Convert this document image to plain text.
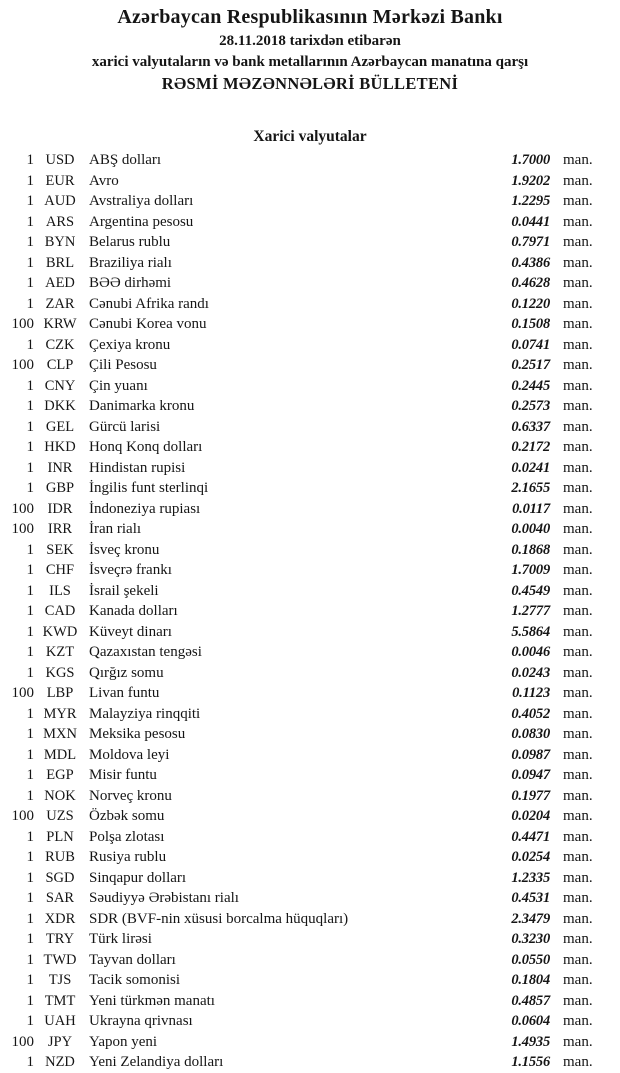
Azərbaycan Respublikasının Mərkəzi Bankı
28.11.2018 tarixdən etibarən
xarici valyutaların və bank metallarının Azərbaycan manatına qarşı
RƏSMİ MƏZƏNNƏLƏRİ BÜLLETENİ
Xarici valyutalar
1 USD ABŞ dolları	1.7000 man.
1 EUR Avro	1.9202 man.
1 AUD Avstraliya dolları	1.2295 man.
1 ARS Argentina pesosu	0.0441 man.
1 BYN Belarus rublu	0.7971 man.
1 BRL Braziliya rialı	0.4386 man.
1 AED BƏƏ dirhəmi	0.4628 man.
1 ZAR Cənubi Afrika randı	0.1220 man.
100 KRW Cənubi Korea vonu	0.1508 man.
1 CZK Çexiya kronu	0.0741 man.
100 CLP	Çili Pesosu	0.2517 man.
1 CNY Çin yuanı	0.2445 man.
1 DKK Danimarka kronu	0.2573 man.
1 GEL Gürcü larisi	0.6337 man.
1 HKD Honq Konq dolları	0.2172 man.
1 INR	Hindistan rupisi	0.0241 man.
1 GBP İngilis funt sterlinqi	2.1655 man.
100 IDR	İndoneziya rupiası	0.0117 man.
100 IRR	İran rialı	0.0040 man.
1 SEK	İsveç kronu	0.1868 man.
1 CHF İsveçrə frankı	1.7009 man.
1	ILS	İsrail şekeli	0.4549 man.
1 CAD Kanada dolları	1.2777 man.
1 KWD Küveyt dinarı	5.5864 man.
1 KZT Qazaxıstan tengəsi	0.0046 man.
1 KGS Qırğız somu	0.0243 man.
100 LBP	Livan funtu	0.1123 man.
1 MYR Malayziya rinqqiti	0.4052 man.
1 MXN Meksika pesosu	0.0830 man.
1 MDL Moldova leyi	0.0987 man.
1 EGP	Misir funtu	0.0947 man.
1 NOK Norveç kronu	0.1977 man.
100 UZS	Özbək somu	0.0204 man.
1 PLN	Polşa zlotası	0.4471 man.
1 RUB Rusiya rublu	0.0254 man.
1 SGD Sinqapur dolları	1.2335 man.
1 SAR Səudiyyə Ərəbistanı rialı	0.4531 man.
1 XDR SDR (BVF-nin xüsusi borcalma hüquqları)	2.3479 man.
1 TRY Türk lirəsi	0.3230 man.
1 TWD Tayvan dolları	0.0550 man.
1	TJS	Tacik somonisi	0.1804 man.
1 TMT Yeni türkmən manatı	0.4857 man.
1 UAH Ukrayna qrivnası	0.0604 man.
100 JPY	Yapon yeni	1.4935 man.
1 NZD Yeni Zelandiya dolları	1.1556 man.
